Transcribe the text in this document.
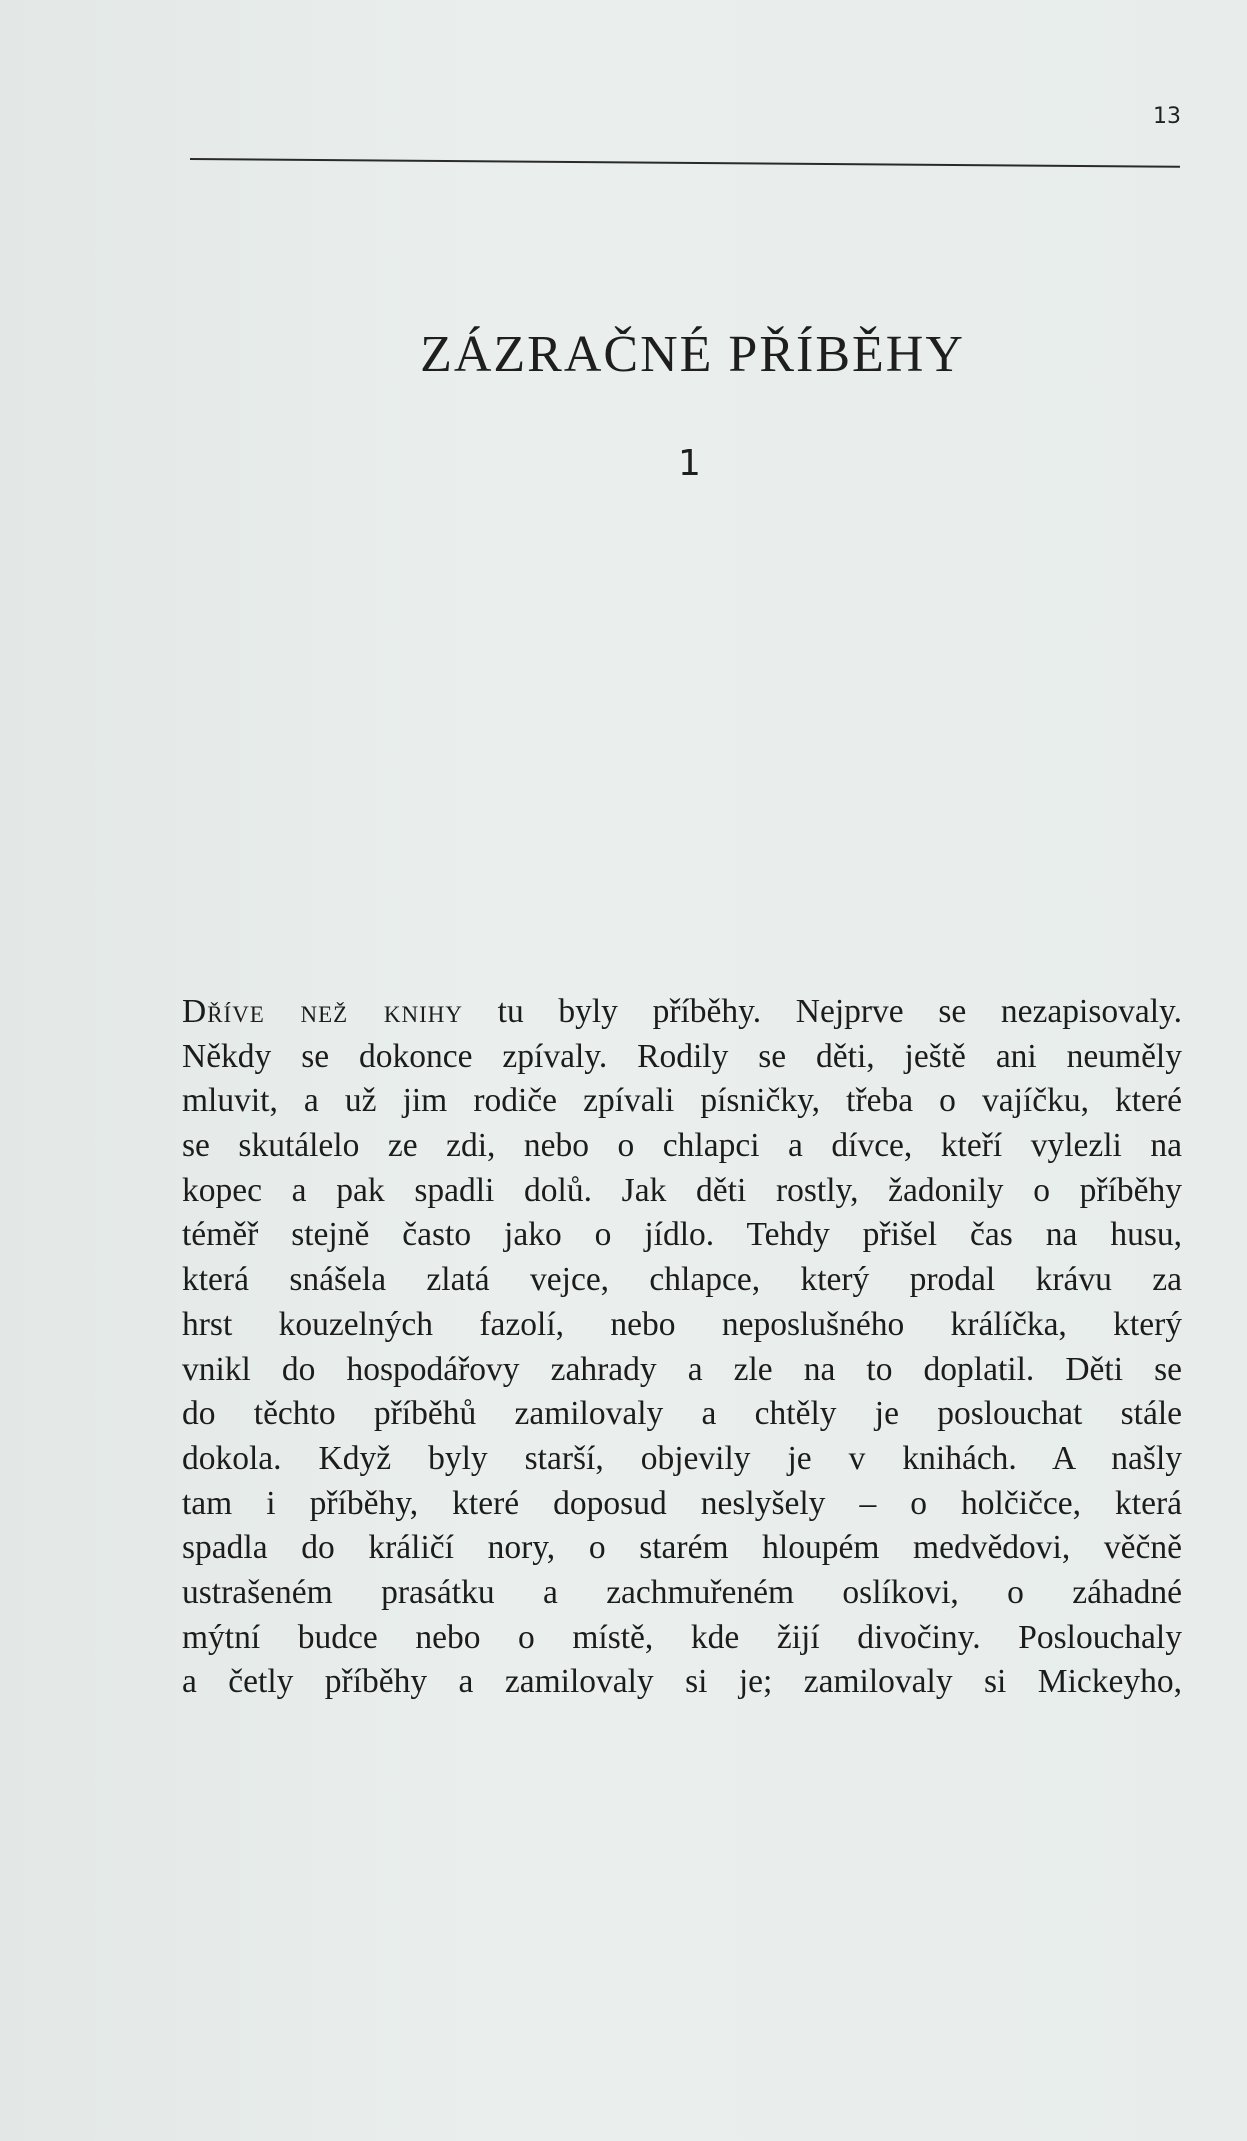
13
ZÁZRAČNÉ PŘÍBĚHY
1
Dříve než knihy tu byly příběhy. Nejprve se nezapisovaly.
Někdy se dokonce zpívaly. Rodily se děti, ještě ani neuměly
mluvit, a už jim rodiče zpívali písničky, třeba o vajíčku, které
se skutálelo ze zdi, nebo o chlapci a dívce, kteří vylezli na
kopec a pak spadli dolů. Jak děti rostly, žadonily o příběhy
téměř stejně často jako o jídlo. Tehdy přišel čas na husu,
která snášela zlatá vejce, chlapce, který prodal krávu za
hrst kouzelných fazolí, nebo neposlušného králíčka, který
vnikl do hospodářovy zahrady a zle na to doplatil. Děti se
do těchto příběhů zamilovaly a chtěly je poslouchat stále
dokola. Když byly starší, objevily je v knihách. A našly
tam i příběhy, které doposud neslyšely – o holčičce, která
spadla do králičí nory, o starém hloupém medvědovi, věčně
ustrašeném prasátku a zachmuřeném oslíkovi, o záhadné
mýtní budce nebo o místě, kde žijí divočiny. Poslouchaly
a četly příběhy a zamilovaly si je; zamilovaly si Mickeyho,
